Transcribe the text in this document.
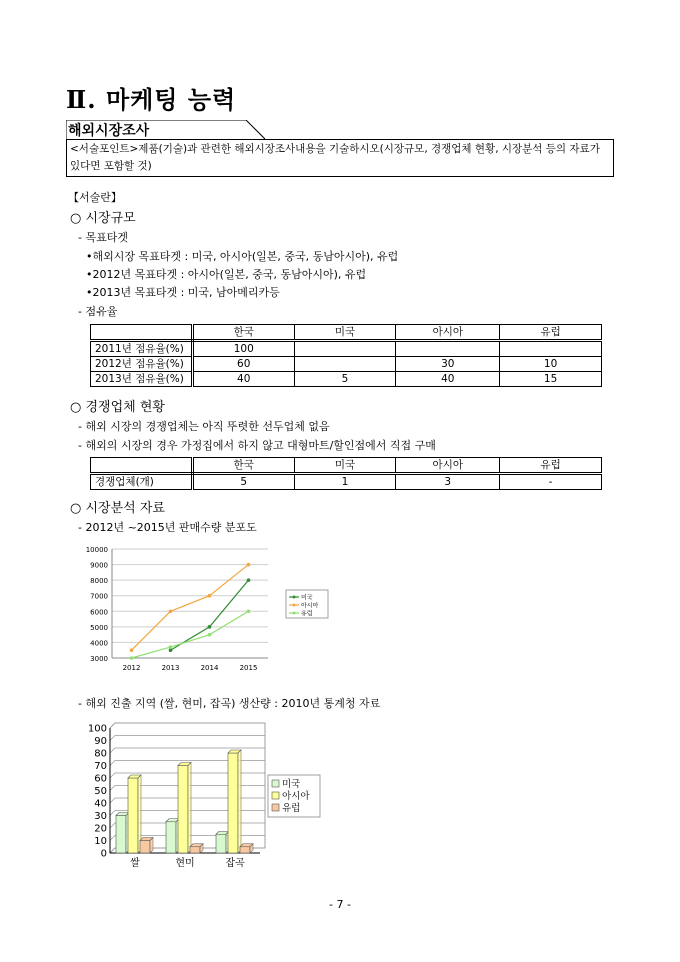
Ⅱ. 마케팅 능력
해외시장조사
<서술포인트>제품(기술)과 관련한 해외시장조사내용을 기술하시오(시장규모, 경쟁업체 현황, 시장분석 등의 자료가 있다면 포함할 것)
【서술란】
○ 시장규모
- 목표타겟
•해외시장 목표타겟 : 미국, 아시아(일본, 중국, 동남아시아), 유럽
•2012년 목표타겟 : 아시아(일본, 중국, 동남아시아), 유럽
•2013년 목표타겟 : 미국, 남아메리카등
- 점유율
	한국	미국	아시아	유럽
2011년 점유율(%)	100			
2012년 점유율(%)	60		30	10
2013년 점유율(%)	40	5	40	15
○ 경쟁업체 현황
- 해외 시장의 경쟁업체는 아직 뚜렷한 선두업체 없음
- 해외의 시장의 경우 가정집에서 하지 않고 대형마트/할인점에서 직접 구매
	한국	미국	아시아	유럽
경쟁업체(개)	5	1	3	-
○ 시장분석 자료
- 2012년 ~2015년 판매수량 분포도
3000
4000
5000
6000
7000
8000
9000
10000
2012	2013	2014	2015
미국
아시아
유럽
- 해외 진출 지역 (쌀, 현미, 잡곡) 생산량 : 2010년 통계청 자료
0
10
20
30
40
50
60
70
80
90
100
쌀	현미	잡곡
미국
아시아
유럽
- 7 -
